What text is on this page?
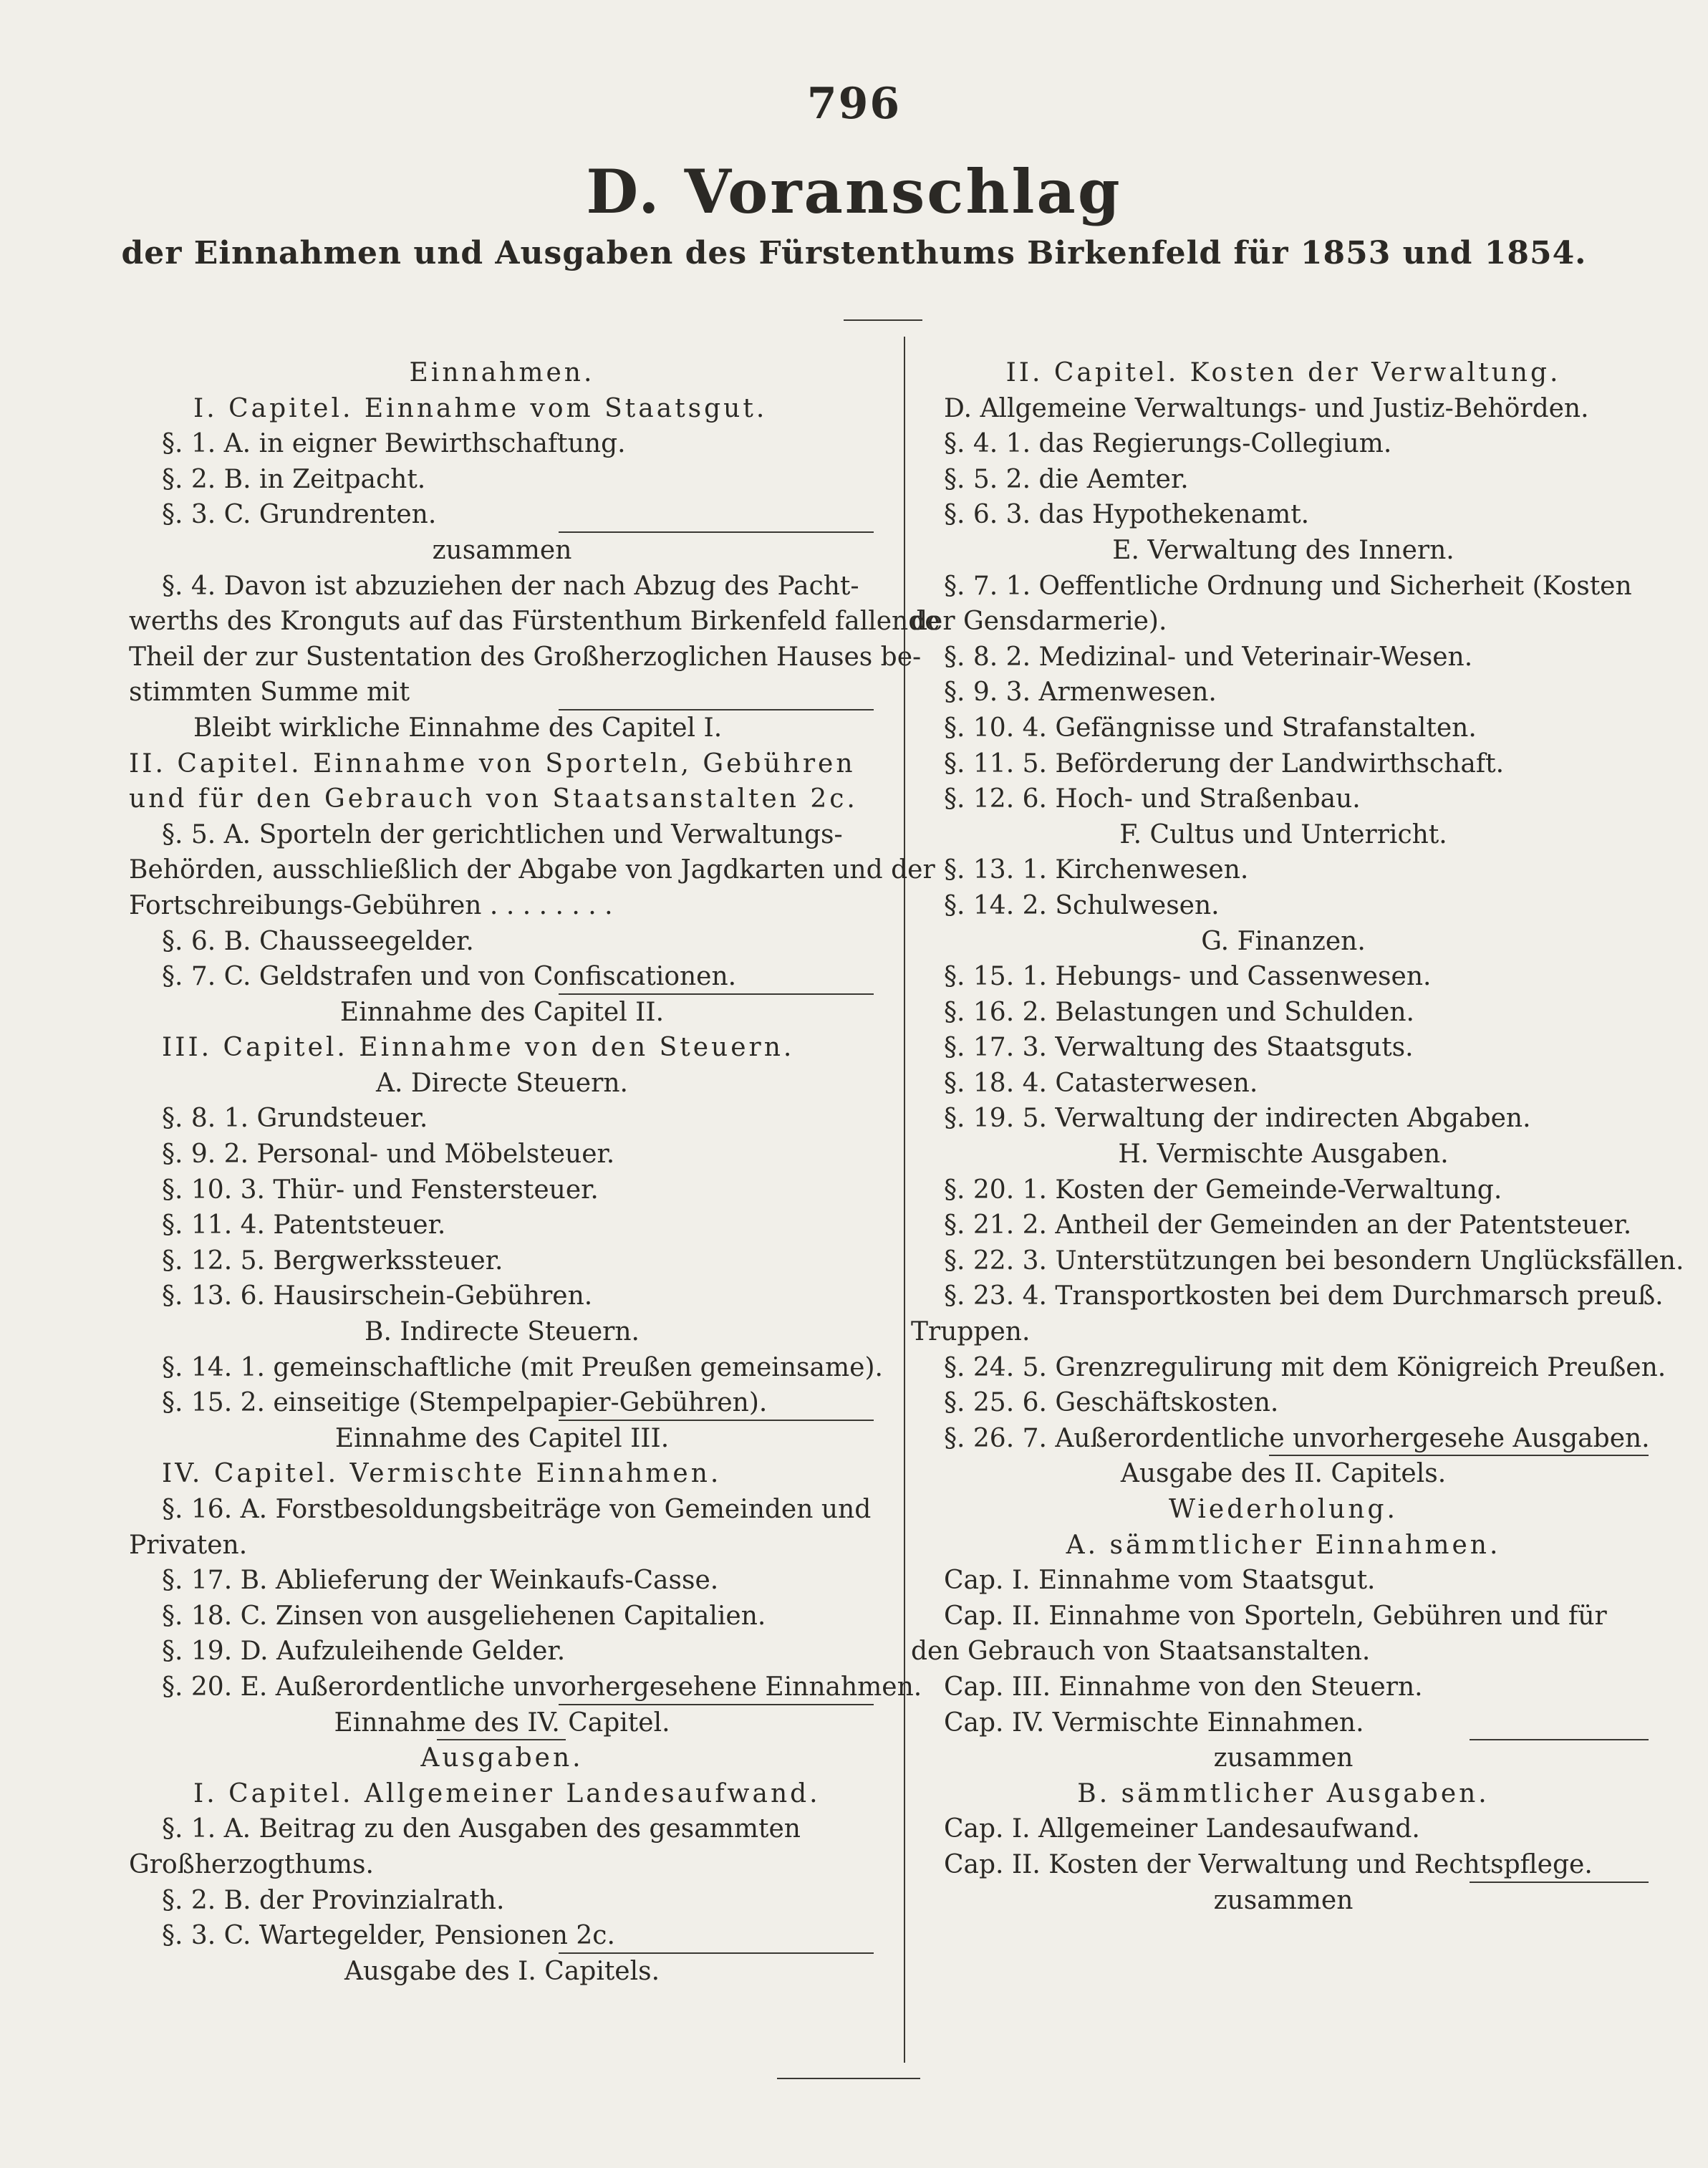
796
D. Voranschlag
der Einnahmen und Ausgaben des Fürstenthums Birkenfeld für 1853 und 1854.
Einnahmen.
I. Capitel. Einnahme vom Staatsgut.
§. 1. A. in eigner Bewirthschaftung.
§. 2. B. in Zeitpacht.
§. 3. C. Grundrenten.
zusammen
§. 4. Davon ist abzuziehen der nach Abzug des Pacht-
werths des Kronguts auf das Fürstenthum Birkenfeld fallende
Theil der zur Sustentation des Großherzoglichen Hauses be-
stimmten Summe mit
Bleibt wirkliche Einnahme des Capitel I.
II. Capitel. Einnahme von Sporteln, Gebühren
und für den Gebrauch von Staatsanstalten 2c.
§. 5. A. Sporteln der gerichtlichen und Verwaltungs-
Behörden, ausschließlich der Abgabe von Jagdkarten und der
Fortschreibungs-Gebühren . . . . . . . .
§. 6. B. Chausseegelder.
§. 7. C. Geldstrafen und von Confiscationen.
Einnahme des Capitel II.
III. Capitel. Einnahme von den Steuern.
A. Directe Steuern.
§. 8. 1. Grundsteuer.
§. 9. 2. Personal- und Möbelsteuer.
§. 10. 3. Thür- und Fenstersteuer.
§. 11. 4. Patentsteuer.
§. 12. 5. Bergwerkssteuer.
§. 13. 6. Hausirschein-Gebühren.
B. Indirecte Steuern.
§. 14. 1. gemeinschaftliche (mit Preußen gemeinsame).
§. 15. 2. einseitige (Stempelpapier-Gebühren).
Einnahme des Capitel III.
IV. Capitel. Vermischte Einnahmen.
§. 16. A. Forstbesoldungsbeiträge von Gemeinden und
Privaten.
§. 17. B. Ablieferung der Weinkaufs-Casse.
§. 18. C. Zinsen von ausgeliehenen Capitalien.
§. 19. D. Aufzuleihende Gelder.
§. 20. E. Außerordentliche unvorhergesehene Einnahmen.
Einnahme des IV. Capitel.
Ausgaben.
I. Capitel. Allgemeiner Landesaufwand.
§. 1. A. Beitrag zu den Ausgaben des gesammten
Großherzogthums.
§. 2. B. der Provinzialrath.
§. 3. C. Wartegelder, Pensionen 2c.
Ausgabe des I. Capitels.
II. Capitel. Kosten der Verwaltung.
D. Allgemeine Verwaltungs- und Justiz-Behörden.
§. 4. 1. das Regierungs-Collegium.
§. 5. 2. die Aemter.
§. 6. 3. das Hypothekenamt.
E. Verwaltung des Innern.
§. 7. 1. Oeffentliche Ordnung und Sicherheit (Kosten
der Gensdarmerie).
§. 8. 2. Medizinal- und Veterinair-Wesen.
§. 9. 3. Armenwesen.
§. 10. 4. Gefängnisse und Strafanstalten.
§. 11. 5. Beförderung der Landwirthschaft.
§. 12. 6. Hoch- und Straßenbau.
F. Cultus und Unterricht.
§. 13. 1. Kirchenwesen.
§. 14. 2. Schulwesen.
G. Finanzen.
§. 15. 1. Hebungs- und Cassenwesen.
§. 16. 2. Belastungen und Schulden.
§. 17. 3. Verwaltung des Staatsguts.
§. 18. 4. Catasterwesen.
§. 19. 5. Verwaltung der indirecten Abgaben.
H. Vermischte Ausgaben.
§. 20. 1. Kosten der Gemeinde-Verwaltung.
§. 21. 2. Antheil der Gemeinden an der Patentsteuer.
§. 22. 3. Unterstützungen bei besondern Unglücksfällen.
§. 23. 4. Transportkosten bei dem Durchmarsch preuß.
Truppen.
§. 24. 5. Grenzregulirung mit dem Königreich Preußen.
§. 25. 6. Geschäftskosten.
§. 26. 7. Außerordentliche unvorhergesehe Ausgaben.
Ausgabe des II. Capitels.
Wiederholung.
A. sämmtlicher Einnahmen.
Cap. I. Einnahme vom Staatsgut.
Cap. II. Einnahme von Sporteln, Gebühren und für
den Gebrauch von Staatsanstalten.
Cap. III. Einnahme von den Steuern.
Cap. IV. Vermischte Einnahmen.
zusammen
B. sämmtlicher Ausgaben.
Cap. I. Allgemeiner Landesaufwand.
Cap. II. Kosten der Verwaltung und Rechtspflege.
zusammen
